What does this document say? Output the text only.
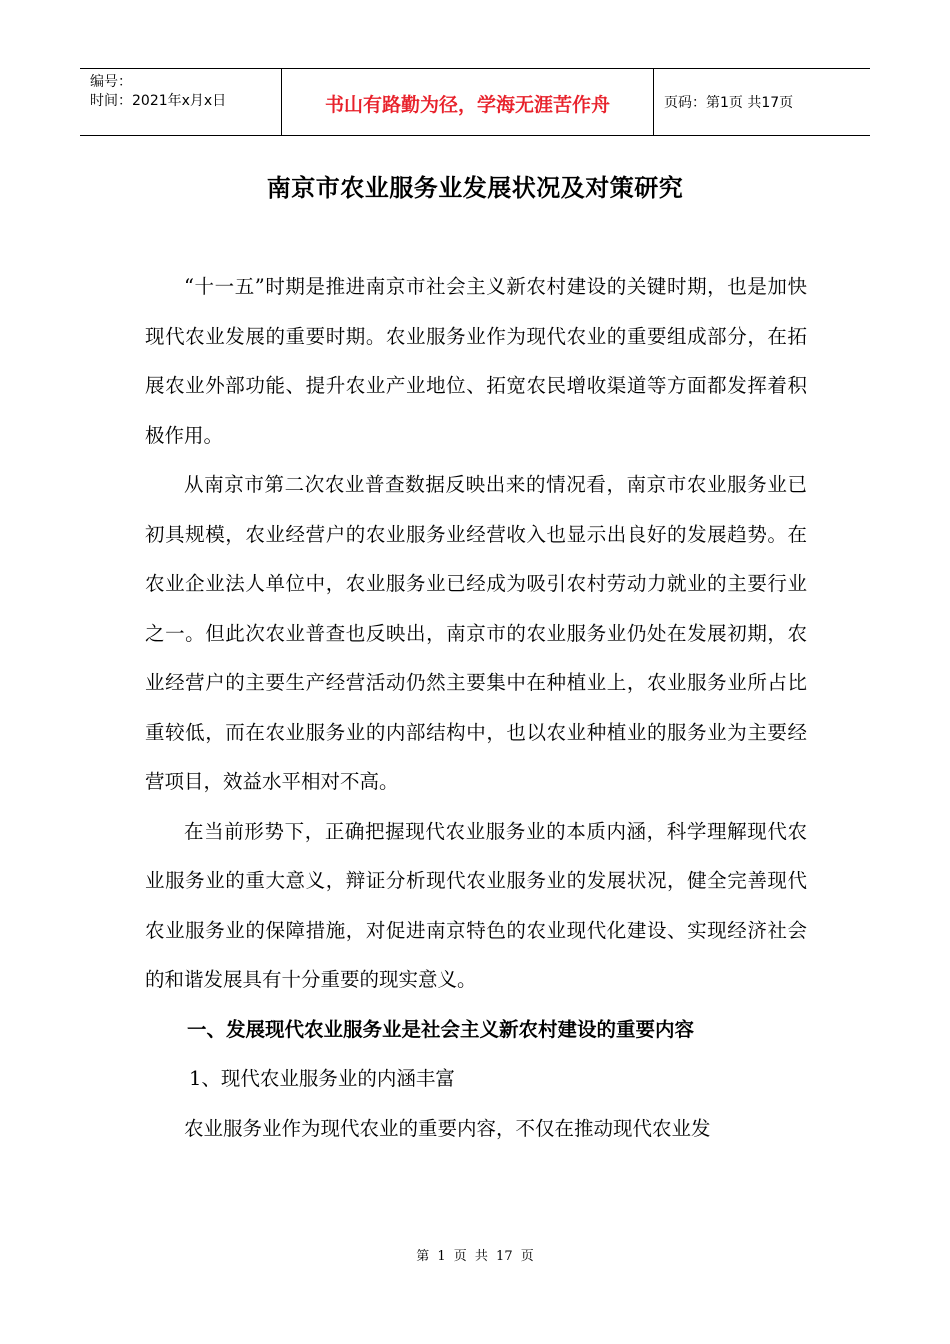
编号：
时间：2021年x月x日	书山有路勤为径，学海无涯苦作舟	页码：第1页 共17页
南京市农业服务业发展状况及对策研究

“十一五”时期是推进南京市社会主义新农村建设的关键时期，也是加快现代农业发展的重要时期。农业服务业作为现代农业的重要组成部分，在拓展农业外部功能、提升农业产业地位、拓宽农民增收渠道等方面都发挥着积极作用。

从南京市第二次农业普查数据反映出来的情况看，南京市农业服务业已初具规模，农业经营户的农业服务业经营收入也显示出良好的发展趋势。在农业企业法人单位中，农业服务业已经成为吸引农村劳动力就业的主要行业之一。但此次农业普查也反映出，南京市的农业服务业仍处在发展初期，农业经营户的主要生产经营活动仍然主要集中在种植业上，农业服务业所占比重较低，而在农业服务业的内部结构中，也以农业种植业的服务业为主要经营项目，效益水平相对不高。

在当前形势下，正确把握现代农业服务业的本质内涵，科学理解现代农业服务业的重大意义，辩证分析现代农业服务业的发展状况，健全完善现代农业服务业的保障措施，对促进南京特色的农业现代化建设、实现经济社会的和谐发展具有十分重要的现实意义。

一、发展现代农业服务业是社会主义新农村建设的重要内容
1、现代农业服务业的内涵丰富

农业服务业作为现代农业的重要内容，不仅在推动现代农业发

第 1 页 共 17 页
